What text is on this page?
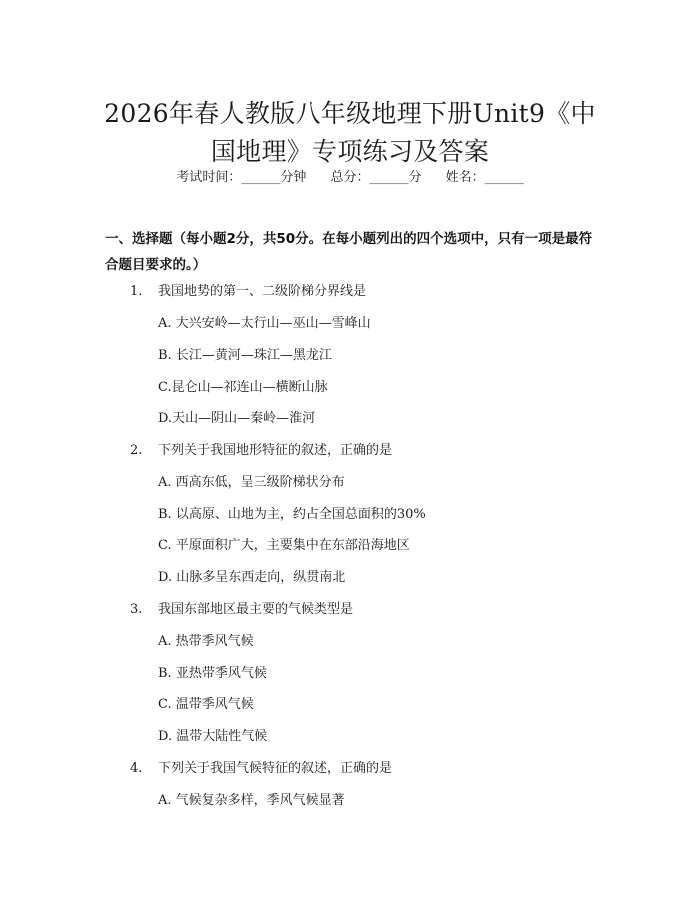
2026年春人教版八年级地理下册Unit9《中
国地理》专项练习及答案
考试时间：______分钟 总分：______分 姓名：______
一、选择题（每小题2分，共50分。在每小题列出的四个选项中，只有一项是最符合题目要求的。）
1. 我国地势的第一、二级阶梯分界线是
A. 大兴安岭—太行山—巫山—雪峰山
B. 长江—黄河—珠江—黑龙江
C.昆仑山—祁连山—横断山脉
D.天山—阴山—秦岭—淮河
2. 下列关于我国地形特征的叙述，正确的是
A. 西高东低，呈三级阶梯状分布
B. 以高原、山地为主，约占全国总面积的30%
C. 平原面积广大，主要集中在东部沿海地区
D. 山脉多呈东西走向，纵贯南北
3. 我国东部地区最主要的气候类型是
A. 热带季风气候
B. 亚热带季风气候
C. 温带季风气候
D. 温带大陆性气候
4. 下列关于我国气候特征的叙述，正确的是
A. 气候复杂多样，季风气候显著
